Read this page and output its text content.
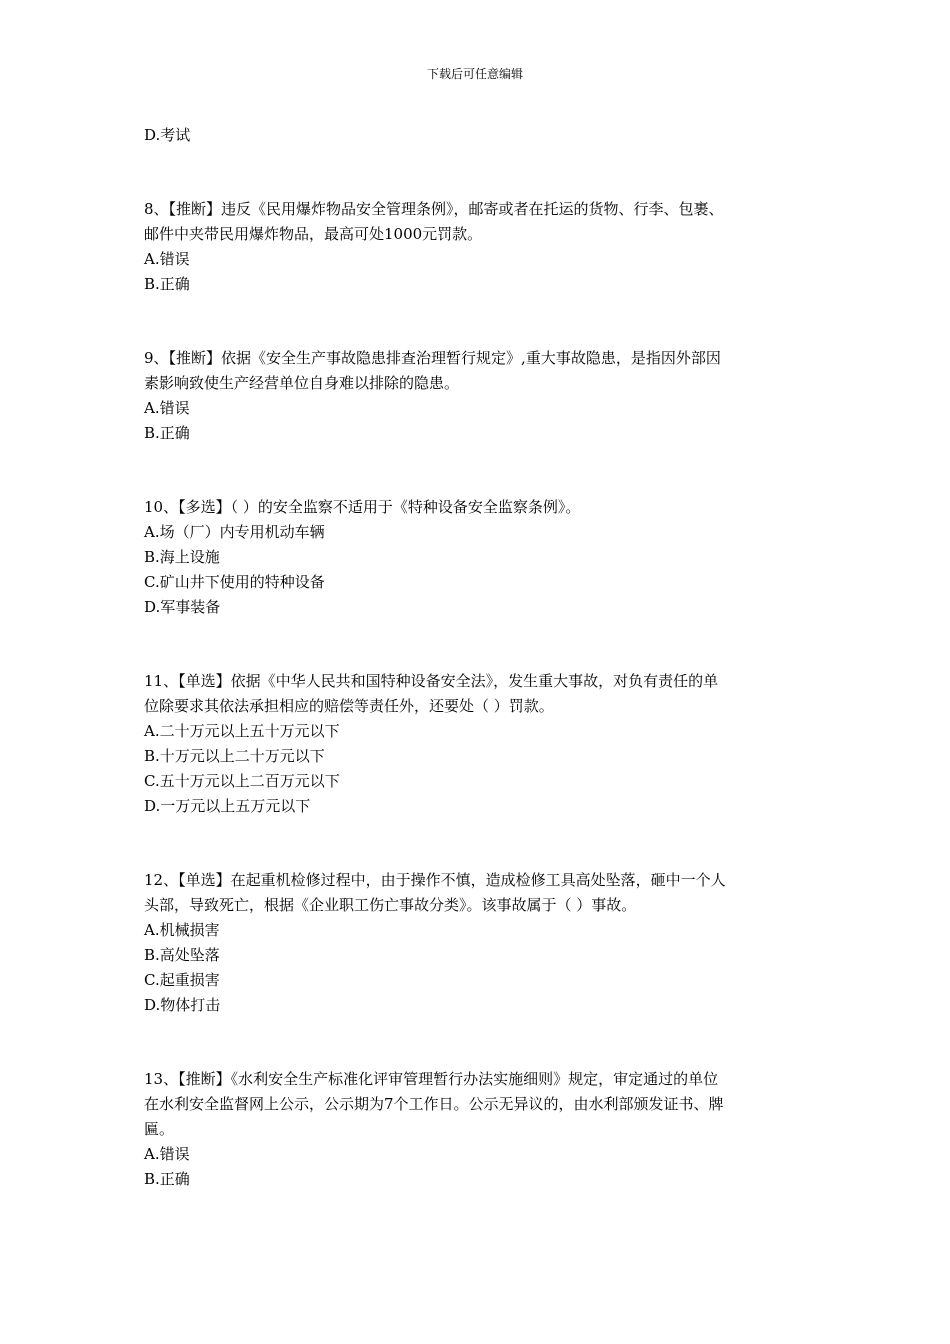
下载后可任意编辑
D.考试
8、【推断】违反《民用爆炸物品安全管理条例》，邮寄或者在托运的货物、行李、包裹、
邮件中夹带民用爆炸物品，最高可处1000元罚款。
A.错误
B.正确
9、【推断】依据《安全生产事故隐患排查治理暂行规定》,重大事故隐患，是指因外部因
素影响致使生产经营单位自身难以排除的隐患。
A.错误
B.正确
10、【多选】（ ）的安全监察不适用于《特种设备安全监察条例》。
A.场（厂）内专用机动车辆
B.海上设施
C.矿山井下使用的特种设备
D.军事装备
11、【单选】依据《中华人民共和国特种设备安全法》，发生重大事故，对负有责任的单
位除要求其依法承担相应的赔偿等责任外，还要处（ ）罚款。
A.二十万元以上五十万元以下
B.十万元以上二十万元以下
C.五十万元以上二百万元以下
D.一万元以上五万元以下
12、【单选】在起重机检修过程中，由于操作不慎，造成检修工具高处坠落，砸中一个人
头部，导致死亡，根据《企业职工伤亡事故分类》。该事故属于（ ）事故。
A.机械损害
B.高处坠落
C.起重损害
D.物体打击
13、【推断】《水利安全生产标准化评审管理暂行办法实施细则》规定，审定通过的单位
在水利安全监督网上公示，公示期为7个工作日。公示无异议的，由水利部颁发证书、牌
匾。
A.错误
B.正确
